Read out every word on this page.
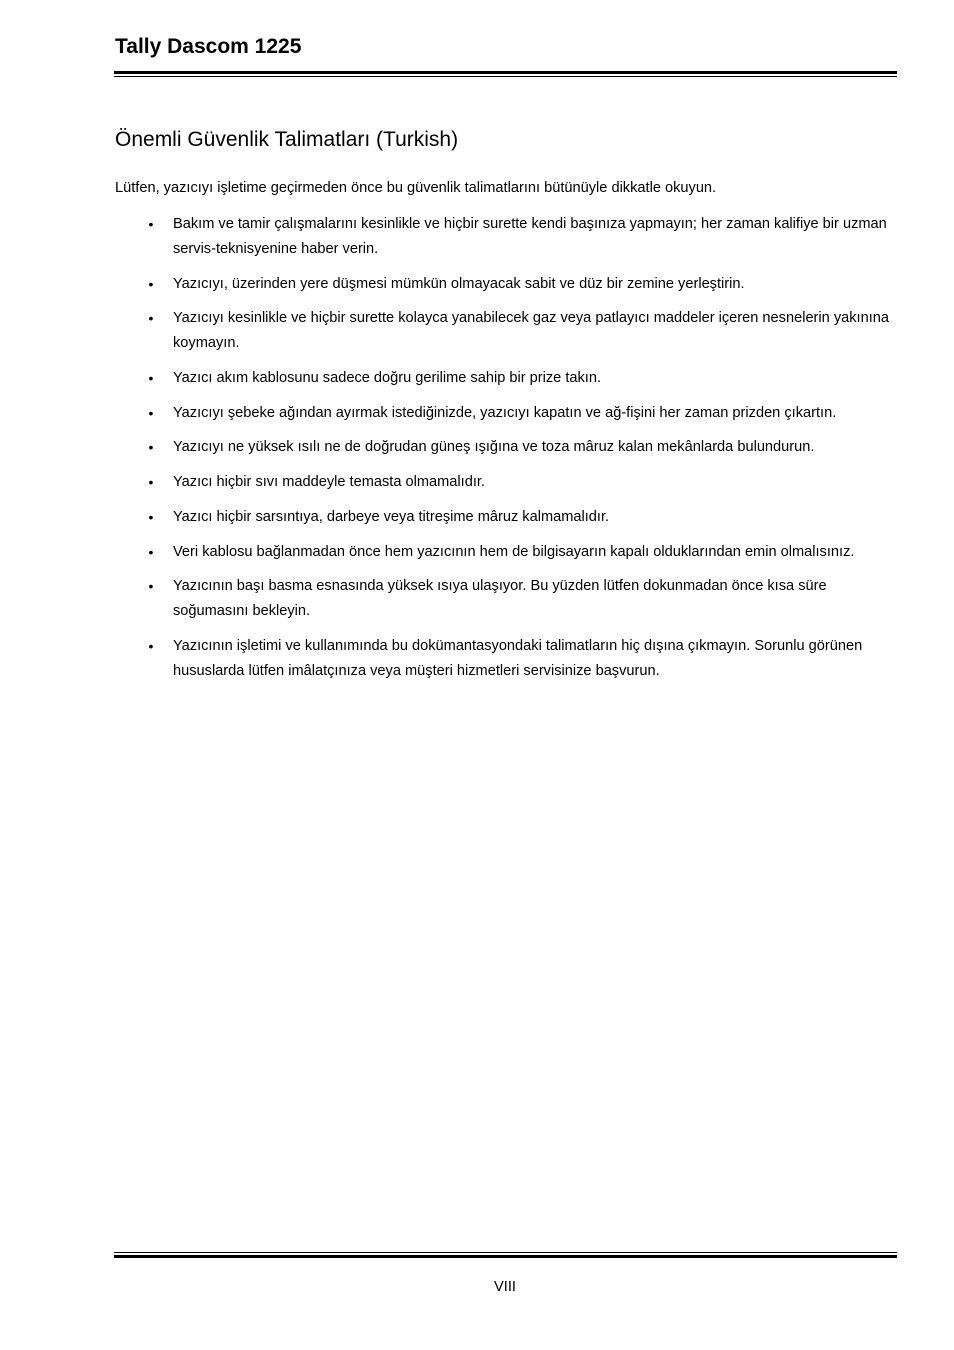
Tally Dascom 1225
Önemli Güvenlik Talimatları (Turkish)
Lütfen, yazıcıyı işletime geçirmeden önce bu güvenlik talimatlarını bütünüyle dikkatle okuyun.
• Bakım ve tamir çalışmalarını kesinlikle ve hiçbir surette kendi başınıza yapmayın; her zaman kalifiye bir uzman servis-teknisyenine haber verin.
• Yazıcıyı, üzerinden yere düşmesi mümkün olmayacak sabit ve düz bir zemine yerleştirin.
• Yazıcıyı kesinlikle ve hiçbir surette kolayca yanabilecek gaz veya patlayıcı maddeler içeren nesnelerin yakınına koymayın.
• Yazıcı akım kablosunu sadece doğru gerilime sahip bir prize takın.
• Yazıcıyı şebeke ağından ayırmak istediğinizde, yazıcıyı kapatın ve ağ-fişini her zaman prizden çıkartın.
• Yazıcıyı ne yüksek ısılı ne de doğrudan güneş ışığına ve toza mâruz kalan mekânlarda bulundurun.
• Yazıcı hiçbir sıvı maddeyle temasta olmamalıdır.
• Yazıcı hiçbir sarsıntıya, darbeye veya titreşime mâruz kalmamalıdır.
• Veri kablosu bağlanmadan önce hem yazıcının hem de bilgisayarın kapalı olduklarından emin olmalısınız.
• Yazıcının başı basma esnasında yüksek ısıya ulaşıyor. Bu yüzden lütfen dokunmadan önce kısa süre soğumasını bekleyin.
• Yazıcının işletimi ve kullanımında bu dokümantasyondaki talimatların hiç dışına çıkmayın. Sorunlu görünen hususlarda lütfen imâlatçınıza veya müşteri hizmetleri servisinize başvurun.
VIII
